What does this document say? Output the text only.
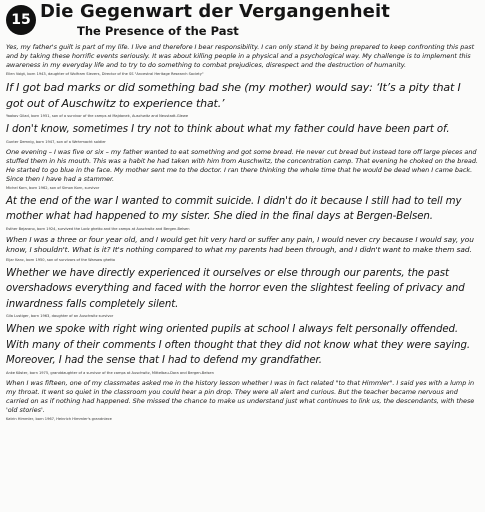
15 Die Gegenwart der Vergangenheit
The Presence of the Past

Yes, my father's guilt is part of my life. I live and therefore I bear responsibility. I can only stand it by being prepared to keep confronting this past and by taking these horrific events seriously. It was about killing people in a physical and a psychological way. My challenge is to implement this awareness in my everyday life and to try to do something to combat prejudices, disrespect and the destruction of humanity.

Ellen Voigt, born 1943, daughter of Wolfram Sievers, Director of the SS "Ancestral Heritage Research Society"

If I got bad marks or did something bad she (my mother) would say: ‘It’s a pity that I got out of Auschwitz to experience that.’

Yaakov Gilad, born 1951, son of a survivor of the camps at Majdanek, Auschwitz and Neustadt-Glewe

I don't know, sometimes I try not to think about what my father could have been part of.

Gunter Demnig, born 1947, son of a Wehrmacht soldier

One evening – I was five or six – my father wanted to eat something and got some bread. He never cut bread but instead tore off large pieces and stuffed them in his mouth. This was a habit he had taken with him from Auschwitz, the concentration camp. That evening he choked on the bread. He started to go blue in the face. My mother sent me to the doctor. I ran there thinking the whole time that he would be dead when I came back. Since then I have had a stammer.

Michel Korn, born 1962, son of Simon Korn, survivor

At the end of the war I wanted to commit suicide. I didn't do it because I still had to tell my mother what had happened to my sister. She died in the final days at Bergen-Belsen.

Esther Bejarano, born 1924, survived the Lodz ghetto and the camps at Auschwitz and Bergen-Belsen

When I was a three or four year old, and I would get hit very hard or suffer any pain, I would never cry because I would say, you know, I shouldn't. What is it? It's nothing compared to what my parents had been through, and I didn't want to make them sad.

Eljar Kanc, born 1950, son of survivors of the Warsaw ghetto

Whether we have directly experienced it ourselves or else through our parents, the past overshadows everything and faced with the horror even the slightest feeling of privacy and inwardness falls completely silent.

Gila Lustiger, born 1963, daughter of an Auschwitz survivor

When we spoke with right wing oriented pupils at school I always felt personally offended. With many of their comments I often thought that they did not know what they were saying. Moreover, I had the sense that I had to defend my grandfather.

Anke Köster, born 1975, granddaughter of a survivor of the camps at Auschwitz, Mittelbau-Dora and Bergen-Belsen

When I was fifteen, one of my classmates asked me in the history lesson whether I was in fact related "to that Himmler". I said yes with a lump in my throat. It went so quiet in the classroom you could hear a pin drop. They were all alert and curious. But the teacher became nervous and carried on as if nothing had happened. She missed the chance to make us understand just what continues to link us, the descendants, with these 'old stories'.

Katrin Himmler, born 1967, Heinrich Himmler's grandniece
